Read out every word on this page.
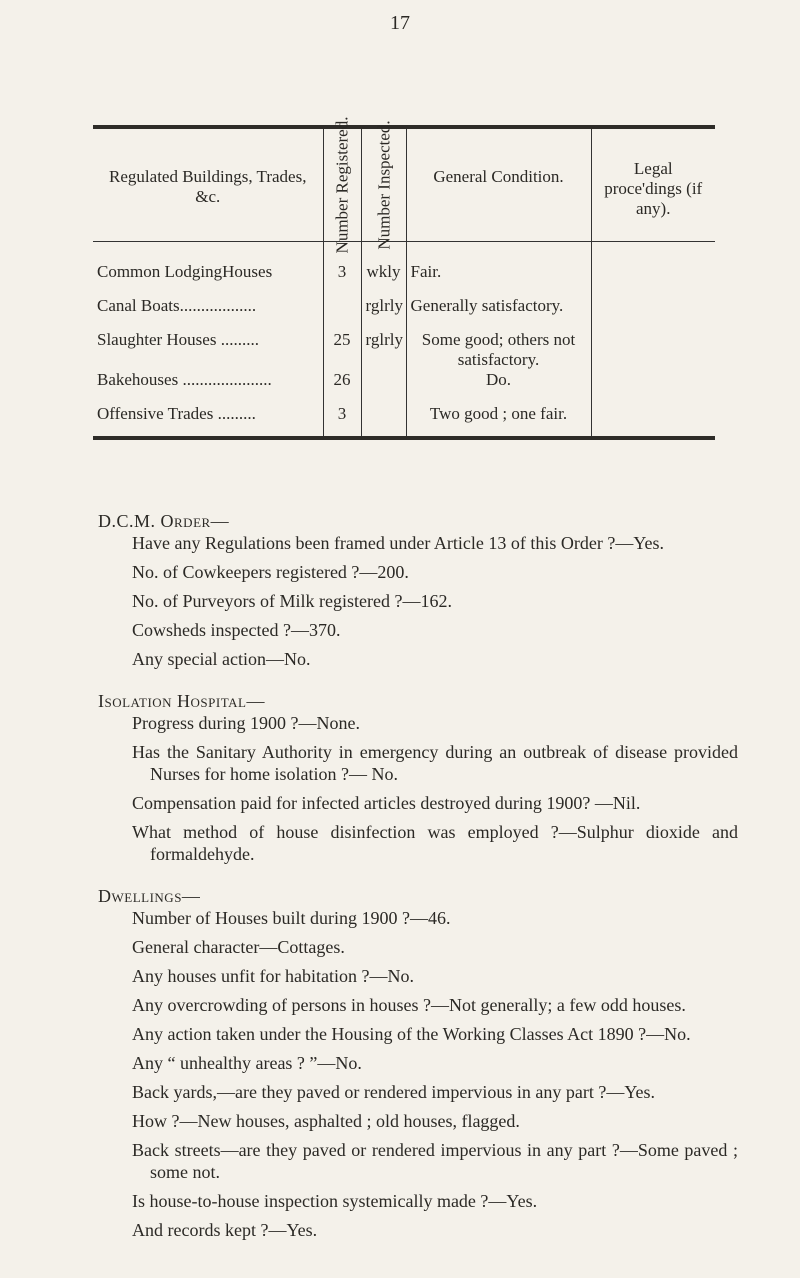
17
Regulated Buildings, Trades, &c.	Number Registered.	Number Inspected.	General Condition.	Legal proce'dings (if any).
Common LodgingHouses	3	wkly	Fair.	
Canal Boats..................		rglrly	Generally satisfactory.	
Slaughter Houses .........	25	rglrly	Some good; others not satisfactory.	
Bakehouses .....................	26		Do.	
Offensive Trades .........	3		Two good ; one fair.	

D.C.M. Order—

Have any Regulations been framed under Article 13 of this Order ?—Yes.

No. of Cowkeepers registered ?—200.

No. of Purveyors of Milk registered ?—162.

Cowsheds inspected ?—370.

Any special action—No.

Isolation Hospital—

Progress during 1900 ?—None.

Has the Sanitary Authority in emergency during an outbreak of disease provided Nurses for home isolation ?— No.

Compensation paid for infected articles destroyed during 1900? —Nil.

What method of house disinfection was employed ?—Sulphur dioxide and formaldehyde.

Dwellings—

Number of Houses built during 1900 ?—46.

General character—Cottages.

Any houses unfit for habitation ?—No.

Any overcrowding of persons in houses ?—Not generally; a few odd houses.

Any action taken under the Housing of the Working Classes Act 1890 ?—No.

Any “ unhealthy areas ? ”—No.

Back yards,—are they paved or rendered impervious in any part ?—Yes.

How ?—New houses, asphalted ; old houses, flagged.

Back streets—are they paved or rendered impervious in any part ?—Some paved ; some not.

Is house-to-house inspection systemically made ?—Yes.

And records kept ?—Yes.
